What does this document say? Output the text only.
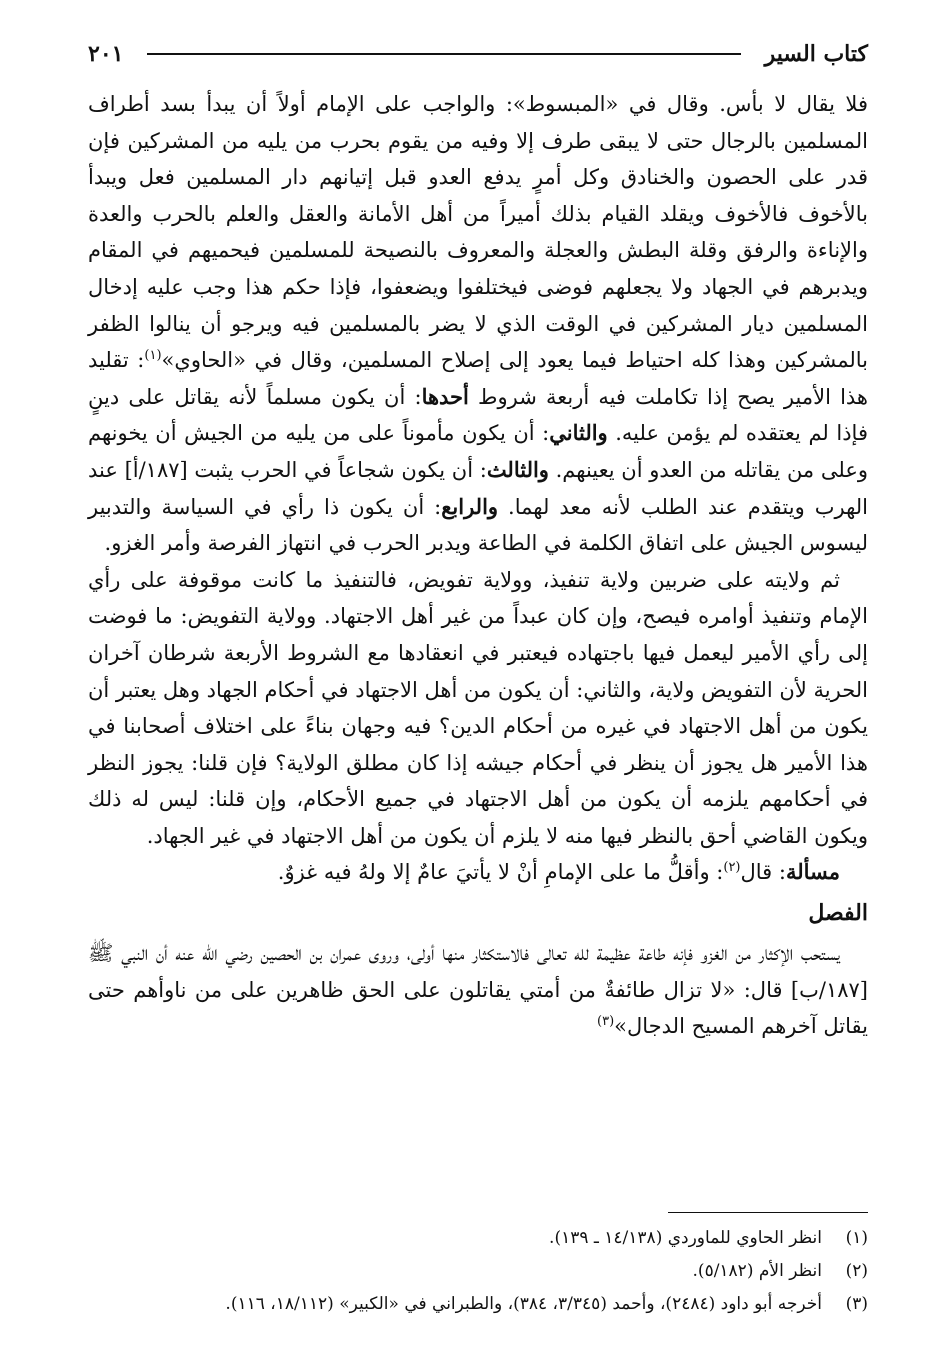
كتاب السير
٢٠١

فلا يقال لا بأس. وقال في «المبسوط»: والواجب على الإمام أولاً أن يبدأ بسد أطراف المسلمين بالرجال حتى لا يبقى طرف إلا وفيه من يقوم بحرب من يليه من المشركين فإن قدر على الحصون والخنادق وكل أمرٍ يدفع العدو قبل إتيانهم دار المسلمين فعل ويبدأ بالأخوف فالأخوف ويقلد القيام بذلك أميراً من أهل الأمانة والعقل والعلم بالحرب والعدة والإناءة والرفق وقلة البطش والعجلة والمعروف بالنصيحة للمسلمين فيحميهم في المقام ويدبرهم في الجهاد ولا يجعلهم فوضى فيختلفوا ويضعفوا، فإذا حكم هذا وجب عليه إدخال المسلمين ديار المشركين في الوقت الذي لا يضر بالمسلمين فيه ويرجو أن ينالوا الظفر بالمشركين وهذا كله احتياط فيما يعود إلى إصلاح المسلمين، وقال في «الحاوي»$^{(١)}$: تقليد هذا الأمير يصح إذا تكاملت فيه أربعة شروط أحدها: أن يكون مسلماً لأنه يقاتل على دينٍ فإذا لم يعتقده لم يؤمن عليه. والثاني: أن يكون مأموناً على من يليه من الجيش أن يخونهم وعلى من يقاتله من العدو أن يعينهم. والثالث: أن يكون شجاعاً في الحرب يثبت [١٨٧/أ] عند الهرب ويتقدم عند الطلب لأنه معد لهما. والرابع: أن يكون ذا رأي في السياسة والتدبير ليسوس الجيش على اتفاق الكلمة في الطاعة ويدبر الحرب في انتهاز الفرصة وأمر الغزو.

ثم ولايته على ضربين ولاية تنفيذ، وولاية تفويض، فالتنفيذ ما كانت موقوفة على رأي الإمام وتنفيذ أوامره فيصح، وإن كان عبداً من غير أهل الاجتهاد. وولاية التفويض: ما فوضت إلى رأي الأمير ليعمل فيها باجتهاده فيعتبر في انعقادها مع الشروط الأربعة شرطان آخران الحرية لأن التفويض ولاية، والثاني: أن يكون من أهل الاجتهاد في أحكام الجهاد وهل يعتبر أن يكون من أهل الاجتهاد في غيره من أحكام الدين؟ فيه وجهان بناءً على اختلاف أصحابنا في هذا الأمير هل يجوز أن ينظر في أحكام جيشه إذا كان مطلق الولاية؟ فإن قلنا: يجوز النظر في أحكامهم يلزمه أن يكون من أهل الاجتهاد في جميع الأحكام، وإن قلنا: ليس له ذلك ويكون القاضي أحق بالنظر فيها منه لا يلزم أن يكون من أهل الاجتهاد في غير الجهاد.

مسألة: قال$^{(٢)}$: وأقلُّ ما على الإمامِ أنْ لا يأتيَ عامٌ إلا ولهُ فيه غزوٌ.

الفصل

يستحب الإكثار من الغزو فإنه طاعة عظيمة لله تعالى فالاستكثار منها أولى، وروى عمران بن الحصين رضي الله عنه أن النبي ﷺ [١٨٧/ب] قال: «لا تزال طائفةٌ من أمتي يقاتلون على الحق ظاهرين على من ناوأهم حتى يقاتل آخرهم المسيح الدجال»$^{(٣)}$

(١)
انظر الحاوي للماوردي (١٤/١٣٨ ـ ١٣٩).
(٢)
انظر الأم (٥/١٨٢).
(٣)
أخرجه أبو داود (٢٤٨٤)، وأحمد (٣/٣٤٥، ٣٨٤)، والطبراني في «الكبير» (١٨/١١٢، ١١٦).
